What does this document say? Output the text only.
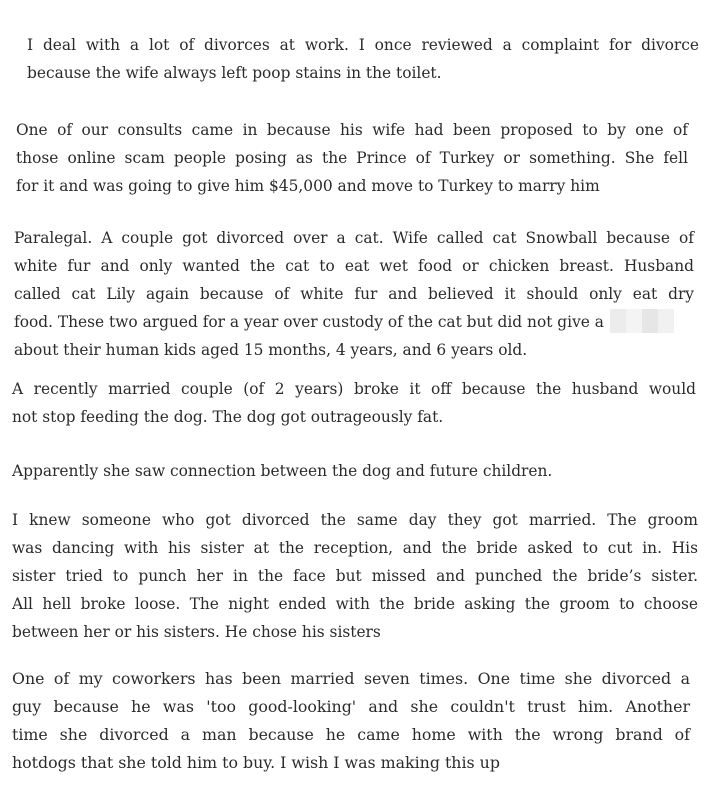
I deal with a lot of divorces at work. I once reviewed a complaint for divorce
because the wife always left poop stains in the toilet.
One of our consults came in because his wife had been proposed to by one of
those online scam people posing as the Prince of Turkey or something. She fell
for it and was going to give him $45,000 and move to Turkey to marry him
Paralegal. A couple got divorced over a cat. Wife called cat Snowball because of
white fur and only wanted the cat to eat wet food or chicken breast. Husband
called cat Lily again because of white fur and believed it should only eat dry
food. These two argued for a year over custody of the cat but did not give a
about their human kids aged 15 months, 4 years, and 6 years old.
A recently married couple (of 2 years) broke it off because the husband would
not stop feeding the dog. The dog got outrageously fat.
Apparently she saw connection between the dog and future children.
I knew someone who got divorced the same day they got married. The groom
was dancing with his sister at the reception, and the bride asked to cut in. His
sister tried to punch her in the face but missed and punched the bride’s sister.
All hell broke loose. The night ended with the bride asking the groom to choose
between her or his sisters. He chose his sisters
One of my coworkers has been married seven times. One time she divorced a
guy because he was 'too good-looking' and she couldn't trust him. Another
time she divorced a man because he came home with the wrong brand of
hotdogs that she told him to buy. I wish I was making this up
